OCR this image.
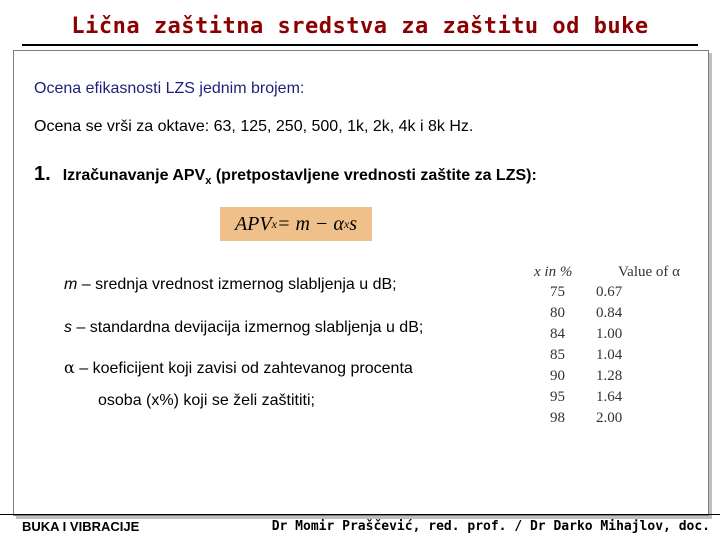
Lična zaštitna sredstva za zaštitu od buke
Ocena efikasnosti LZS jednim brojem:
Ocena se vrši za oktave: 63, 125, 250, 500, 1k, 2k, 4k i 8k Hz.
1. Izračunavanje $APV_x$ (pretpostavljene vrednosti zaštite za LZS):
APV x = m − α x s
m – srednja vrednost izmernog slabljenja u dB;
s – standardna devijacija izmernog slabljenja u dB;
α – koeficijent koji zavisi od zahtevanog procenta
osoba (x%) koji se želi zaštititi;
x in %	Value of α
75 0.67
80 0.84
84 1.00
85 1.04
90 1.28
95 1.64
98 2.00
BUKA I VIBRACIJE	Dr Momir Praščević, red. prof. / Dr Darko Mihajlov, doc.
